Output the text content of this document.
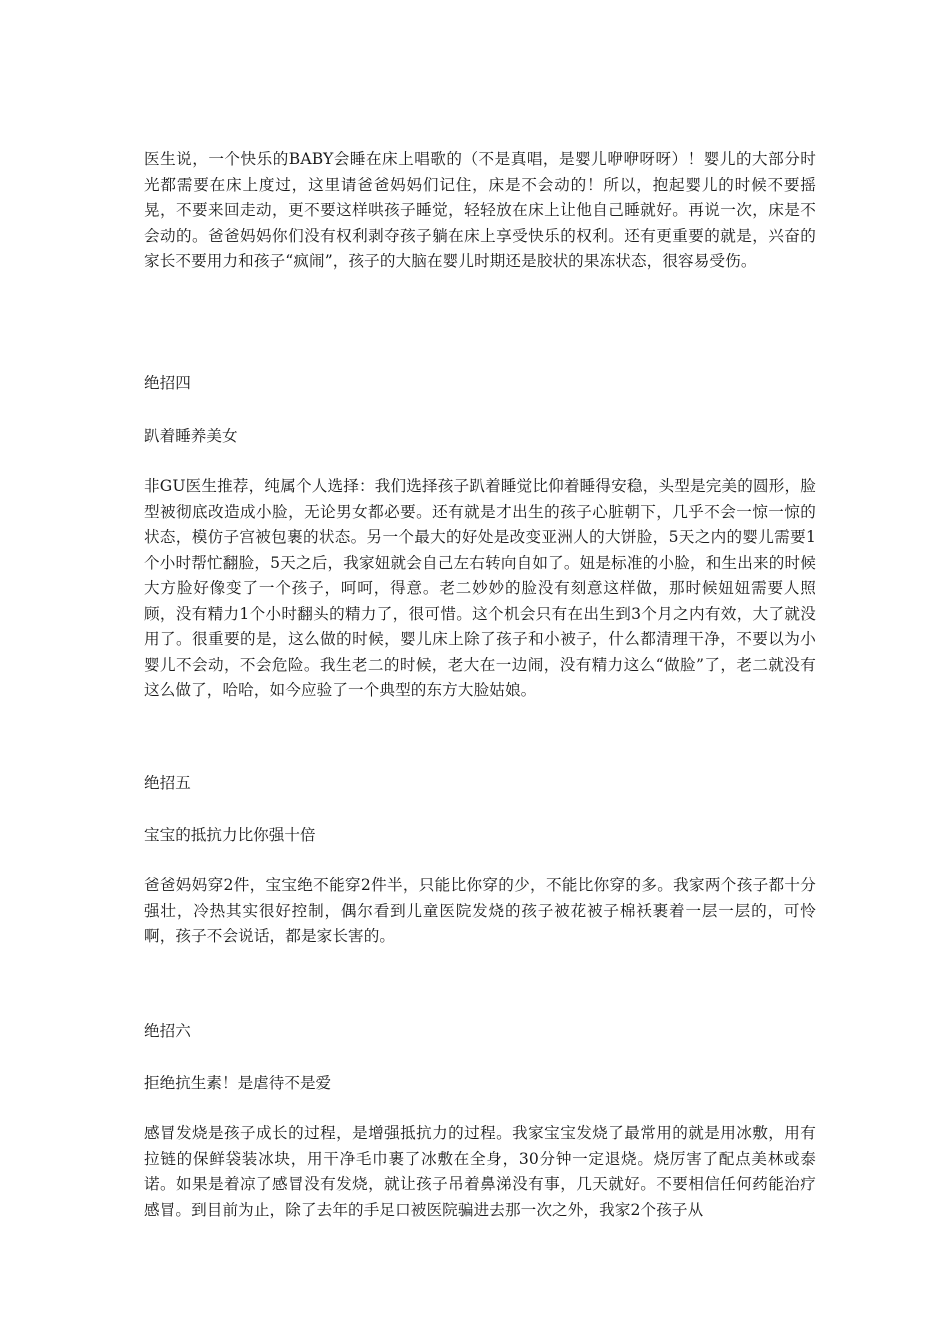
医生说，一个快乐的BABY会睡在床上唱歌的（不是真唱，是婴儿咿咿呀呀）！婴儿的大部分时光都需要在床上度过，这里请爸爸妈妈们记住，床是不会动的！所以，抱起婴儿的时候不要摇晃，不要来回走动，更不要这样哄孩子睡觉，轻轻放在床上让他自己睡就好。再说一次，床是不会动的。爸爸妈妈你们没有权利剥夺孩子躺在床上享受快乐的权利。还有更重要的就是，兴奋的家长不要用力和孩子“疯闹”，孩子的大脑在婴儿时期还是胶状的果冻状态，很容易受伤。

绝招四

趴着睡养美女

非GU医生推荐，纯属个人选择：我们选择孩子趴着睡觉比仰着睡得安稳，头型是完美的圆形，脸型被彻底改造成小脸，无论男女都必要。还有就是才出生的孩子心脏朝下，几乎不会一惊一惊的状态，模仿子宫被包裹的状态。另一个最大的好处是改变亚洲人的大饼脸，5天之内的婴儿需要1个小时帮忙翻脸，5天之后，我家妞就会自己左右转向自如了。妞是标准的小脸，和生出来的时候大方脸好像变了一个孩子，呵呵，得意。老二妙妙的脸没有刻意这样做，那时候妞妞需要人照顾，没有精力1个小时翻头的精力了，很可惜。这个机会只有在出生到3个月之内有效，大了就没用了。很重要的是，这么做的时候，婴儿床上除了孩子和小被子，什么都清理干净，不要以为小婴儿不会动，不会危险。我生老二的时候，老大在一边闹，没有精力这么“做脸”了，老二就没有这么做了，哈哈，如今应验了一个典型的东方大脸姑娘。

绝招五

宝宝的抵抗力比你强十倍

爸爸妈妈穿2件，宝宝绝不能穿2件半，只能比你穿的少，不能比你穿的多。我家两个孩子都十分强壮，冷热其实很好控制，偶尔看到儿童医院发烧的孩子被花被子棉袄裹着一层一层的，可怜啊，孩子不会说话，都是家长害的。

绝招六

拒绝抗生素！是虐待不是爱

感冒发烧是孩子成长的过程，是增强抵抗力的过程。我家宝宝发烧了最常用的就是用冰敷，用有拉链的保鲜袋装冰块，用干净毛巾裹了冰敷在全身，30分钟一定退烧。烧厉害了配点美林或泰诺。如果是着凉了感冒没有发烧，就让孩子吊着鼻涕没有事，几天就好。不要相信任何药能治疗感冒。到目前为止，除了去年的手足口被医院骗进去那一次之外，我家2个孩子从
